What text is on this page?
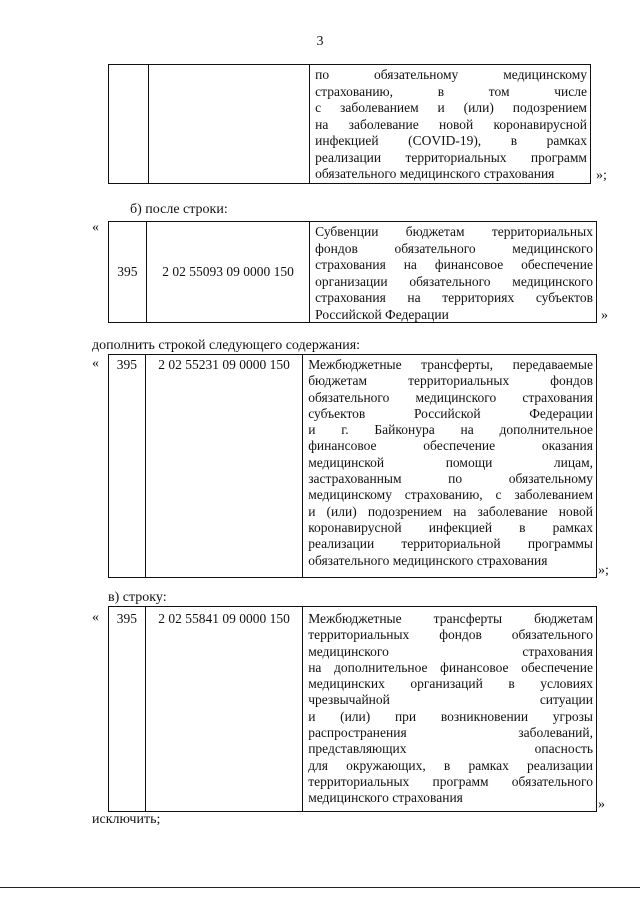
3
по обязательному медицинскому
страхованию, в том числе
с заболеванием и (или) подозрением
на заболевание новой коронавирусной
инфекцией (COVID-19), в рамках
реализации территориальных программ
обязательного медицинского страхования	»;
б) после строки:
«
395	2 02 55093 09 0000 150
Субвенции бюджетам территориальных
фондов обязательного медицинского
страхования на финансовое обеспечение
организации обязательного медицинского
страхования на территориях субъектов
Российской Федерации	»
дополнить строкой следующего содержания:
«	395	2 02 55231 09 0000 150	Межбюджетные трансферты, передаваемые
бюджетам территориальных фондов
обязательного медицинского страхования
субъектов Российской Федерации
и г. Байконура на дополнительное
финансовое обеспечение оказания
медицинской помощи лицам,
застрахованным по обязательному
медицинскому страхованию, с заболеванием
и (или) подозрением на заболевание новой
коронавирусной инфекцией в рамках
реализации территориальной программы
обязательного медицинского страхования
»;
в) строку:
«	395	2 02 55841 09 0000 150	Межбюджетные трансферты бюджетам
территориальных фондов обязательного
медицинского страхования
на дополнительное финансовое обеспечение
медицинских организаций в условиях
чрезвычайной ситуации
и (или) при возникновении угрозы
распространения заболеваний,
представляющих опасность
для окружающих, в рамках реализации
территориальных программ обязательного
медицинского страхования	»
исключить;
